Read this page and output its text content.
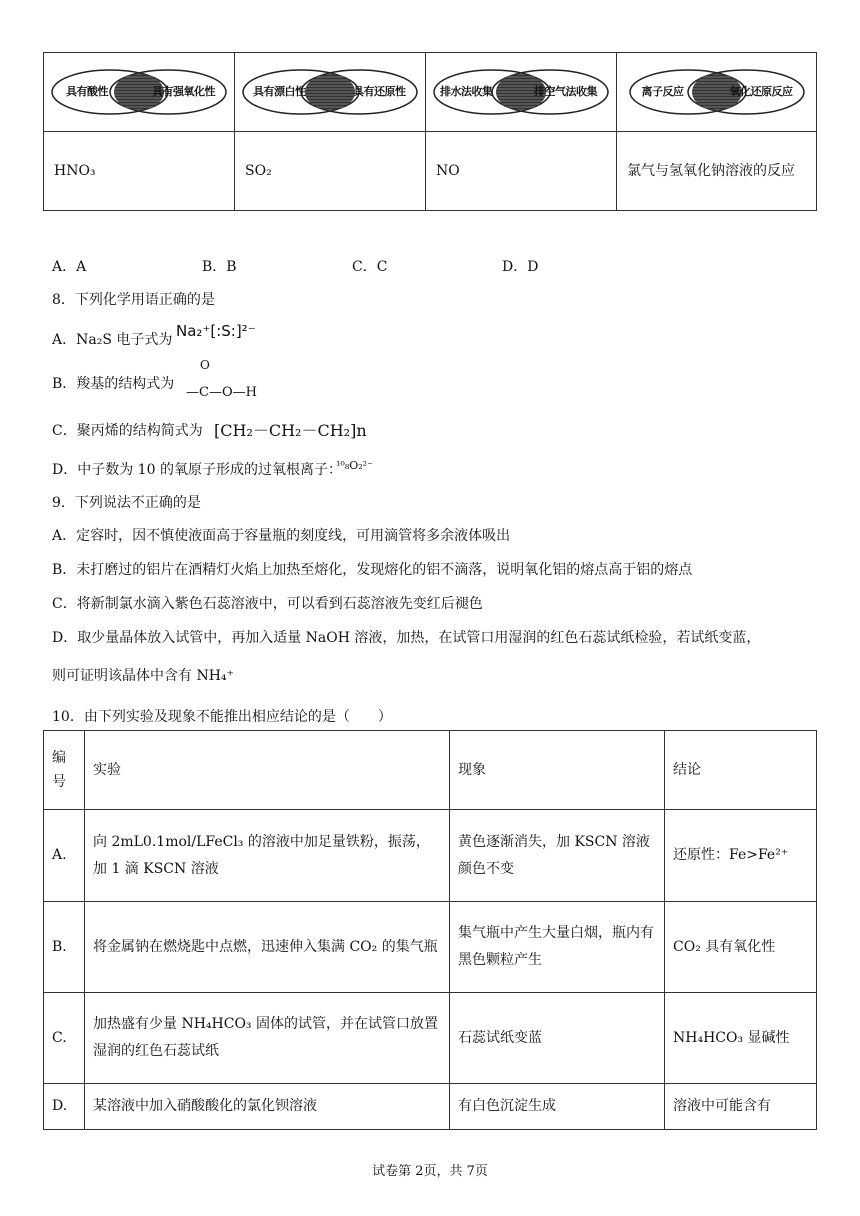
具有酸性 具有强氧化性	具有漂白性 具有还原性	排水法收集 排空气法收集	离子反应 氧化还原反应

HNO₃	SO₂	NO	氯气与氢氧化钠溶液的反应
A．A	B．B	C．C	D．D
8．下列化学用语正确的是
A．Na₂S 电子式为 Na₂⁺[:S:]²⁻
B．羧基的结构式为
O
—C—O—H
C．聚丙烯的结构简式为 [CH₂－CH₂－CH₂]n
D．中子数为 10 的氧原子形成的过氧根离子：
¹⁰₈O₂²⁻
9．下列说法不正确的是
A．定容时，因不慎使液面高于容量瓶的刻度线，可用滴管将多余液体吸出
B．未打磨过的铝片在酒精灯火焰上加热至熔化，发现熔化的铝不滴落，说明氧化铝的熔点高于铝的熔点
C．将新制氯水滴入紫色石蕊溶液中，可以看到石蕊溶液先变红后褪色
D．取少量晶体放入试管中，再加入适量 NaOH 溶液，加热，在试管口用湿润的红色石蕊试纸检验，若试纸变蓝，
则可证明该晶体中含有 NH₄⁺
10．由下列实验及现象不能推出相应结论的是（　　）
编号	实验	现象	结论
A.	向 2mL0.1mol/LFeCl₃ 的溶液中加足量铁粉，振荡，加 1 滴 KSCN 溶液	黄色逐渐消失，加 KSCN 溶液颜色不变	还原性：Fe>Fe²⁺
B.	将金属钠在燃烧匙中点燃，迅速伸入集满 CO₂ 的集气瓶	集气瓶中产生大量白烟，瓶内有黑色颗粒产生	CO₂ 具有氧化性
C.	加热盛有少量 NH₄HCO₃ 固体的试管，并在试管口放置湿润的红色石蕊试纸	石蕊试纸变蓝	NH₄HCO₃ 显碱性
D.	某溶液中加入硝酸酸化的氯化钡溶液	有白色沉淀生成	溶液中可能含有
试卷第 2页，共 7页
